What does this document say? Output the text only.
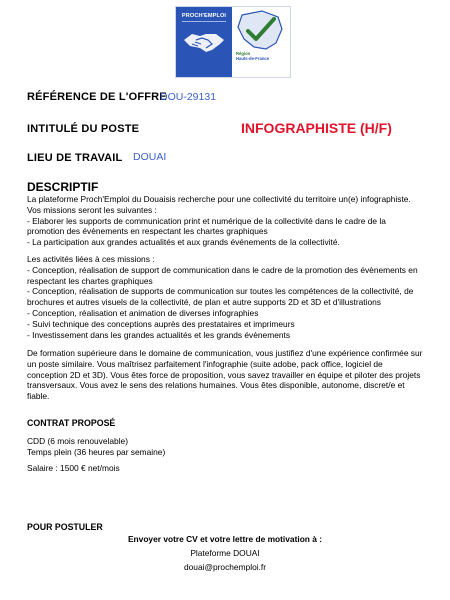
PROCH'EMPLOI
Région
Hauts-de-France
RÉFÉRENCE DE L'OFFRE
DOU-29131
INTITULÉ DU POSTE	INFOGRAPHISTE (H/F)
LIEU DE TRAVAIL DOUAI
DESCRIPTIF
La plateforme Proch'Emploi du Douaisis recherche pour une collectivité du territoire un(e) infographiste.
Vos missions seront les suivantes :
- Elaborer les supports de communication print et numérique de la collectivité dans le cadre de la
promotion des évènements en respectant les chartes graphiques
- La participation aux grandes actualités et aux grands événements de la collectivité.
Les activités liées à ces missions :
- Conception, réalisation de support de communication dans le cadre de la promotion des évènements en
respectant les chartes graphiques
- Conception, réalisation de supports de communication sur toutes les compétences de la collectivité, de
brochures et autres visuels de la collectivité, de plan et autre supports 2D et 3D et d'illustrations
- Conception, réalisation et animation de diverses infographies
- Suivi technique des conceptions auprès des prestataires et imprimeurs
- Investissement dans les grandes actualités et les grands évènements
De formation supérieure dans le domaine de communication, vous justifiez d'une expérience confirmée sur
un poste similaire. Vous maîtrisez parfaitement l'infographie (suite adobe, pack office, logiciel de
conception 2D et 3D). Vous êtes force de proposition, vous savez travailler en équipe et piloter des projets
transversaux. Vous avez le sens des relations humaines. Vous êtes disponible, autonome, discret/e et
fiable.
CONTRAT PROPOSÉ
CDD (6 mois renouvelable)
Temps plein (36 heures par semaine)
Salaire : 1500 € net/mois
POUR POSTULER
Envoyer votre CV et votre lettre de motivation à :
Plateforme DOUAI
douai@prochemploi.fr
